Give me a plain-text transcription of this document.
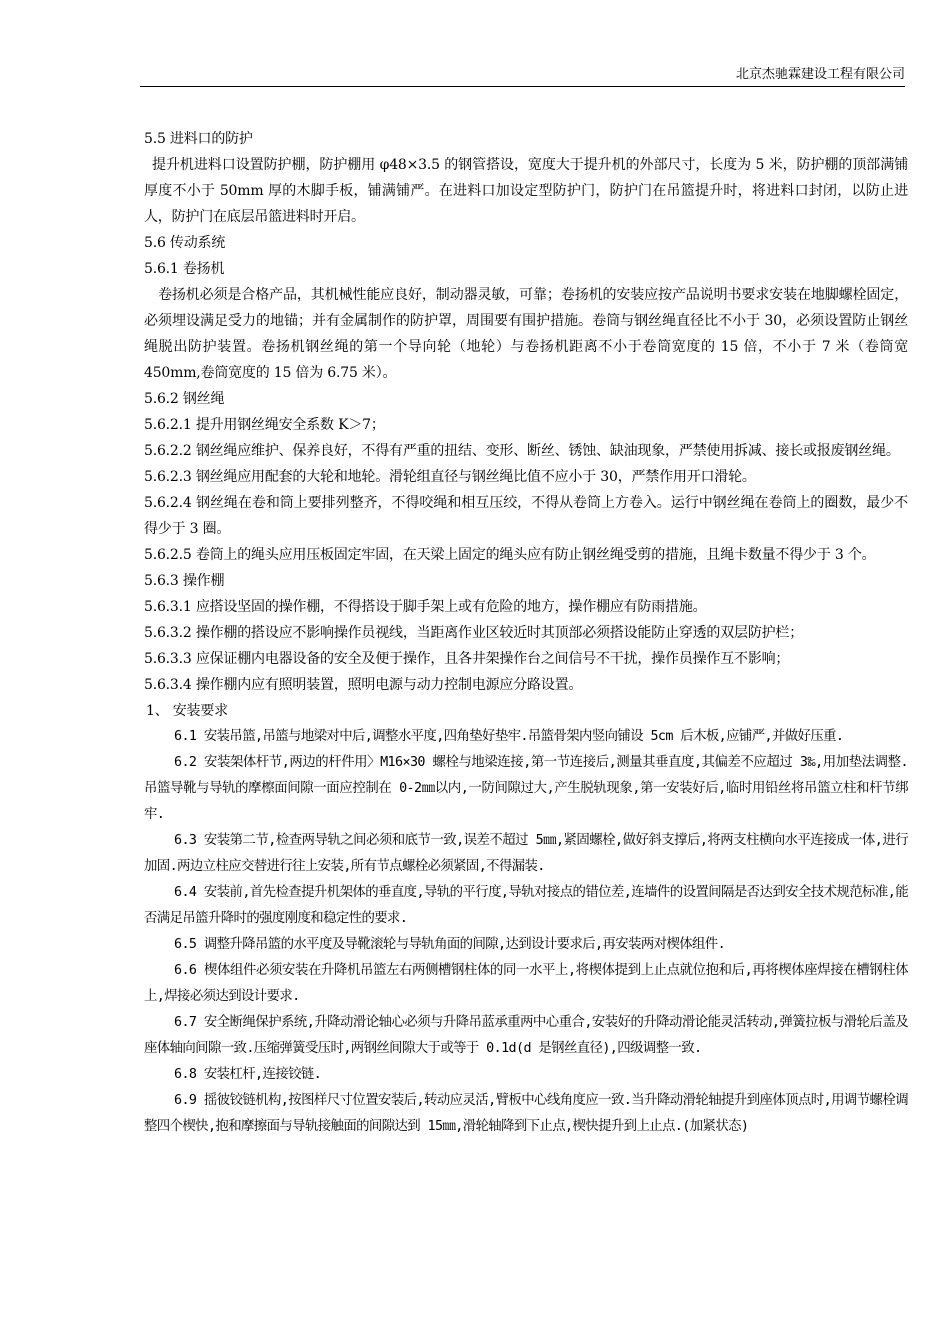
北京杰驰霖建设工程有限公司

5.5 进料口的防护

提升机进料口设置防护棚，防护棚用 φ48×3.5 的钢管搭设，宽度大于提升机的外部尺寸，长度为 5 米，防护棚的顶部满铺厚度不小于 50mm 厚的木脚手板，铺满铺严。在进料口加设定型防护门，防护门在吊篮提升时，将进料口封闭，以防止进人，防护门在底层吊篮进料时开启。

5.6 传动系统

5.6.1 卷扬机

卷扬机必须是合格产品，其机械性能应良好，制动器灵敏，可靠；卷扬机的安装应按产品说明书要求安装在地脚螺栓固定，必须埋设满足受力的地锚；并有金属制作的防护罩，周围要有围护措施。卷筒与钢丝绳直径比不小于 30，必须设置防止钢丝绳脱出防护装置。卷扬机钢丝绳的第一个导向轮（地轮）与卷扬机距离不小于卷筒宽度的 15 倍，不小于 7 米（卷筒宽 450mm,卷筒宽度的 15 倍为 6.75 米）。

5.6.2 钢丝绳

5.6.2.1 提升用钢丝绳安全系数 K＞7；

5.6.2.2 钢丝绳应维护、保养良好，不得有严重的扭结、变形、断丝、锈蚀、缺油现象，严禁使用拆减、接长或报废钢丝绳。

5.6.2.3 钢丝绳应用配套的大轮和地轮。滑轮组直径与钢丝绳比值不应小于 30，严禁作用开口滑轮。

5.6.2.4 钢丝绳在卷和筒上要排列整齐，不得咬绳和相互压绞，不得从卷筒上方卷入。运行中钢丝绳在卷筒上的圈数，最少不得少于 3 圈。

5.6.2.5 卷筒上的绳头应用压板固定牢固，在天梁上固定的绳头应有防止钢丝绳受剪的措施，且绳卡数量不得少于 3 个。

5.6.3 操作棚

5.6.3.1 应搭设坚固的操作棚，不得搭设于脚手架上或有危险的地方，操作棚应有防雨措施。

5.6.3.2 操作棚的搭设应不影响操作员视线，当距离作业区较近时其顶部必须搭设能防止穿透的双层防护栏；

5.6.3.3 应保证棚内电器设备的安全及便于操作，且各井架操作台之间信号不干扰，操作员操作互不影响；

5.6.3.4 操作棚内应有照明装置，照明电源与动力控制电源应分路设置。

1、 安装要求

6.1 安装吊篮,吊篮与地梁对中后,调整水平度,四角垫好垫牢.吊篮骨架内竖向铺设 5cm 后木板,应铺严,并做好压重.

6.2 安装架体杆节,两边的杆件用〉M16×30 螺栓与地梁连接,第一节连接后,测量其垂直度,其偏差不应超过 3‰,用加垫法调整.吊篮导靴与导轨的摩檫面间隙一面应控制在 0-2㎜以内,一防间隙过大,产生脱轨现象,第一安装好后,临时用铅丝将吊篮立柱和杆节绑牢.

6.3 安装第二节,检查两导轨之间必须和底节一致,误差不超过 5㎜,紧固螺栓,做好斜支撑后,将两支柱横向水平连接成一体,进行加固.两边立柱应交替进行往上安装,所有节点螺栓必须紧固,不得漏装.

6.4 安装前,首先检查提升机架体的垂直度,导轨的平行度,导轨对接点的错位差,连墙件的设置间隔是否达到安全技术规范标准,能否满足吊篮升降时的强度刚度和稳定性的要求.

6.5 调整升降吊篮的水平度及导靴滚轮与导轨角面的间隙,达到设计要求后,再安装两对楔体组件.

6.6 楔体组件必须安装在升降机吊篮左右两侧槽钢柱体的同一水平上,将楔体提到上止点就位抱和后,再将楔体座焊接在槽钢柱体上,焊接必须达到设计要求.

6.7 安全断绳保护系统,升降动滑论轴心必须与升降吊蓝承重两中心重合,安装好的升降动滑论能灵活转动,弹簧拉板与滑轮后盖及座体轴向间隙一致.压缩弹簧受压时,两钢丝间隙大于或等于 0.1d(d 是钢丝直径),四级调整一致.

6.8 安装杠杆,连接铰链.

6.9 摇彼铰链机构,按图样尺寸位置安装后,转动应灵活,臂板中心线角度应一致.当升降动滑轮轴提升到座体顶点时,用调节螺栓调整四个楔快,抱和摩擦面与导轨接触面的间隙达到 15㎜,滑轮轴降到下止点,楔快提升到上止点.(加紧状态)
